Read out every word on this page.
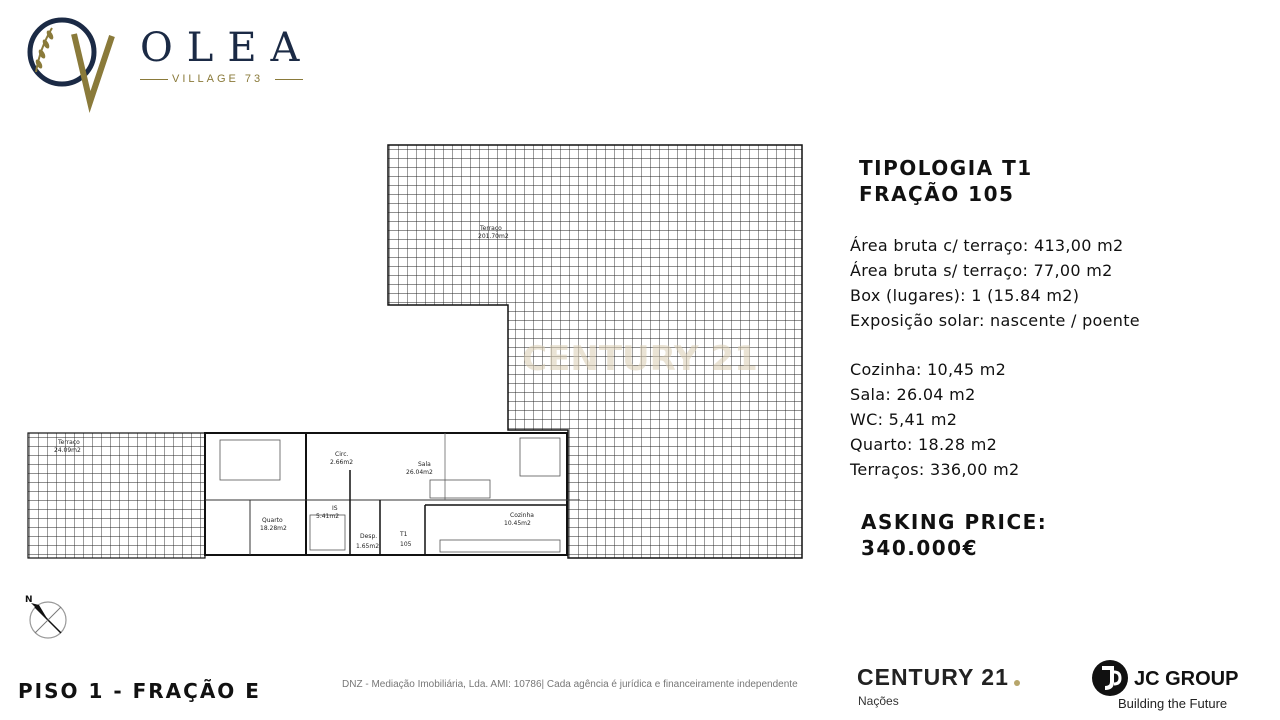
OLEA
VILLAGE 73
CENTURY 21
Terraço
201.70m2
Terraço
24.09m2
Circ.
2.66m2	Sala
26.04m2
Quarto
18.28m2
IS
5.41m2
Desp.
1.65m2
T1
105
Cozinha
10.45m2
TIPOLOGIA T1
FRAÇÃO 105
Área bruta c/ terraço: 413,00 m2
Área bruta s/ terraço: 77,00 m2
Box (lugares): 1 (15.84 m2)
Exposição solar: nascente / poente
Cozinha: 10,45 m2
Sala: 26.04 m2
WC: 5,41 m2
Quarto: 18.28 m2
Terraços: 336,00 m2
ASKING PRICE:
340.000€
N
PISO 1 - FRAÇÃO E	DNZ - Mediação Imobiliária, Lda. AMI: 10786| Cada agência é jurídica e financeiramente independente	CENTURY 21
Nações
JC GROUP
Building the Future
